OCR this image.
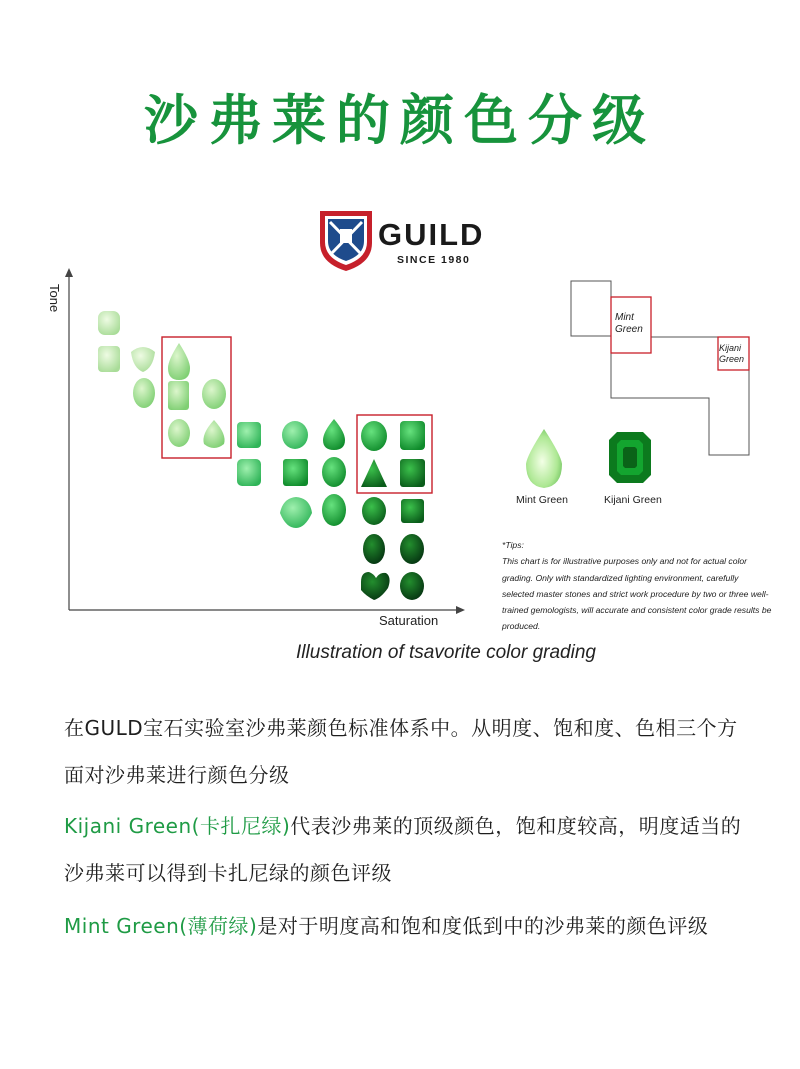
沙弗莱的颜色分级
GUILD
SINCE 1980
Tone
Saturation
Mint Green
Kijani Green
Mint Green	Kijani Green

*Tips:

This chart is for illustrative purposes only and not for actual color grading. Only with standardized lighting environment, carefully selected master stones and strict work procedure by two or three well-trained gemologists, will accurate and consistent color grade results be produced.

Illustration of tsavorite color grading
在GULD宝石实验室沙弗莱颜色标准体系中。从明度、饱和度、色相三个方面对沙弗莱进行颜色分级
Kijani Green(卡扎尼绿)代表沙弗莱的顶级颜色，饱和度较高，明度适当的沙弗莱可以得到卡扎尼绿的颜色评级
Mint Green(薄荷绿)是对于明度高和饱和度低到中的沙弗莱的颜色评级
